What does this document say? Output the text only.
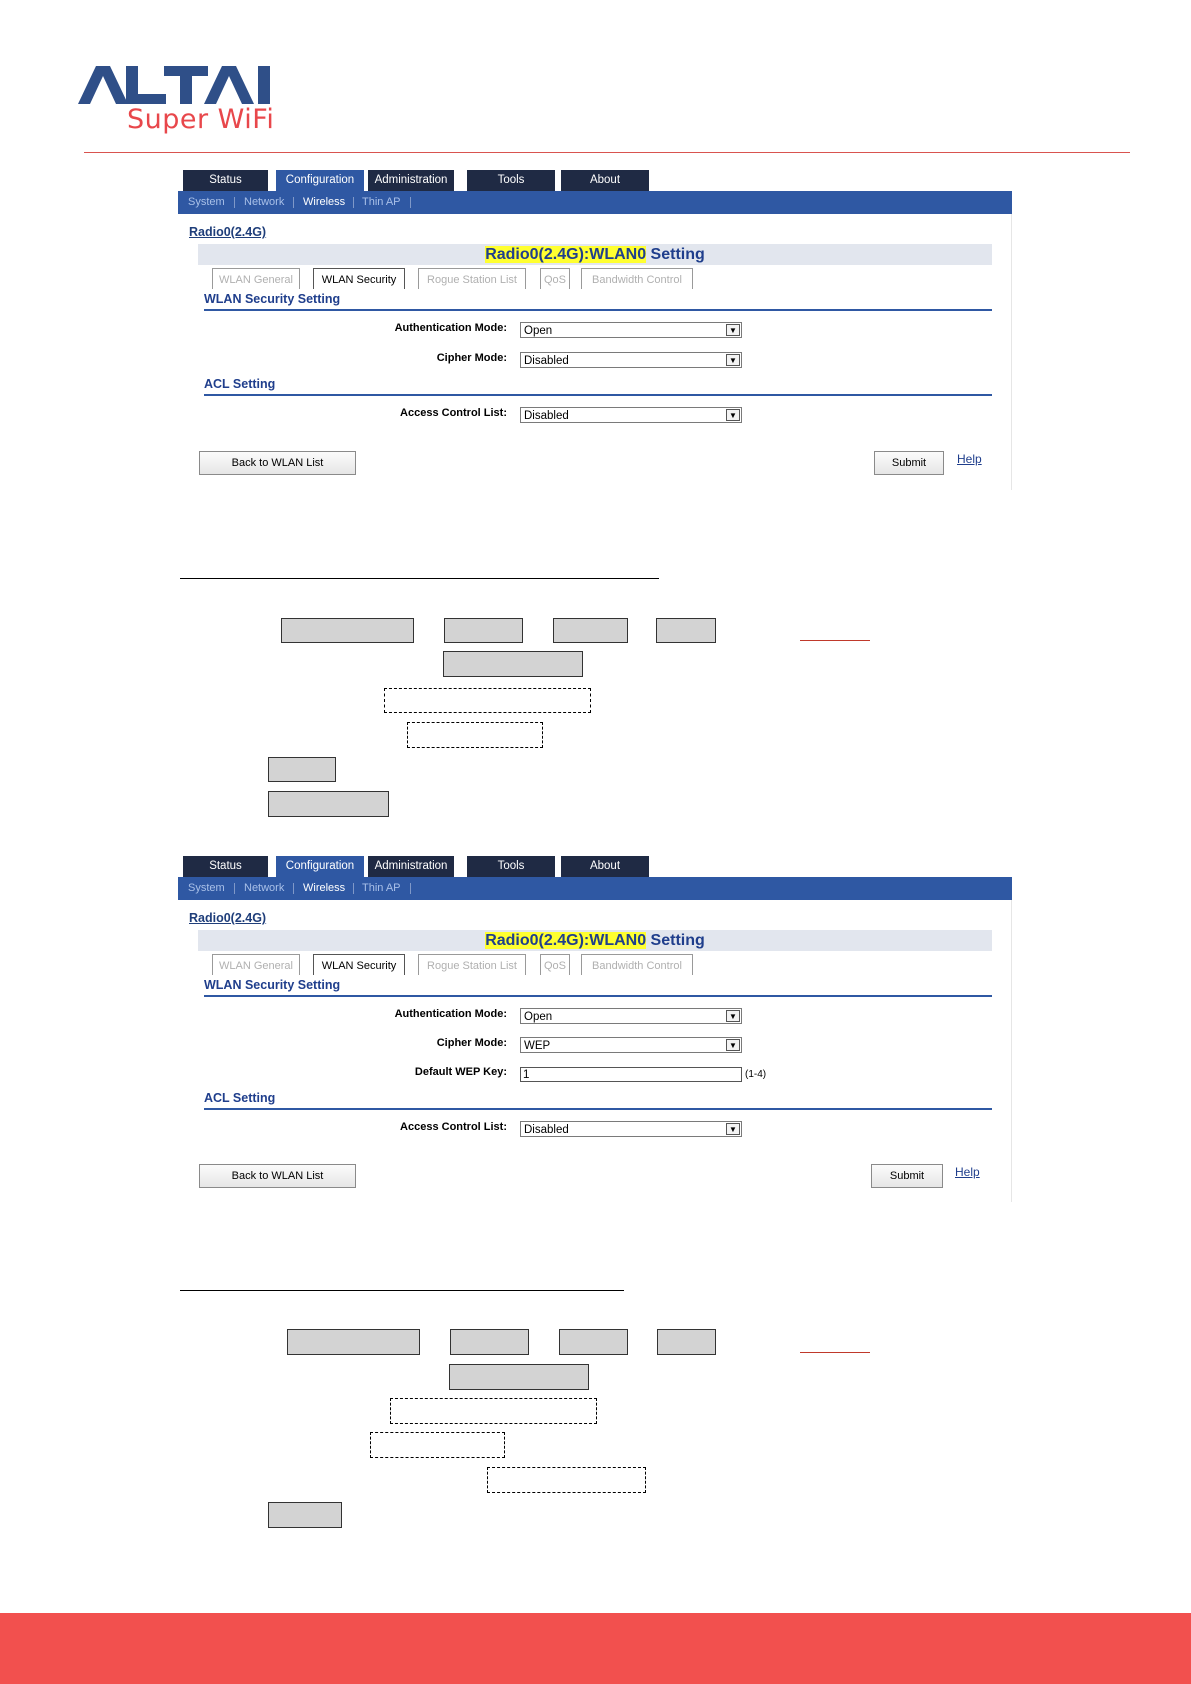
Super WiFi
Status	Configuration	Administration	Tools	About
System Network Wireless Thin AP
Radio0(2.4G)
Radio0(2.4G):WLAN0 Setting
WLAN General	WLAN Security	Rogue Station List	QoS	Bandwidth Control
WLAN Security Setting
Authentication Mode:	Open	▼
Cipher Mode:	Disabled	▼
ACL Setting
Access Control List:	Disabled	▼
Back to WLAN List	Submit	Help
Status	Configuration	Administration	Tools	About
System Network Wireless Thin AP
Radio0(2.4G)
Radio0(2.4G):WLAN0 Setting
WLAN General	WLAN Security	Rogue Station List	QoS	Bandwidth Control
WLAN Security Setting
Authentication Mode:	Open	▼
Cipher Mode:	WEP	▼
Default WEP Key: 1	(1-4)
ACL Setting
Access Control List:	Disabled	▼
Back to WLAN List	Submit	Help
